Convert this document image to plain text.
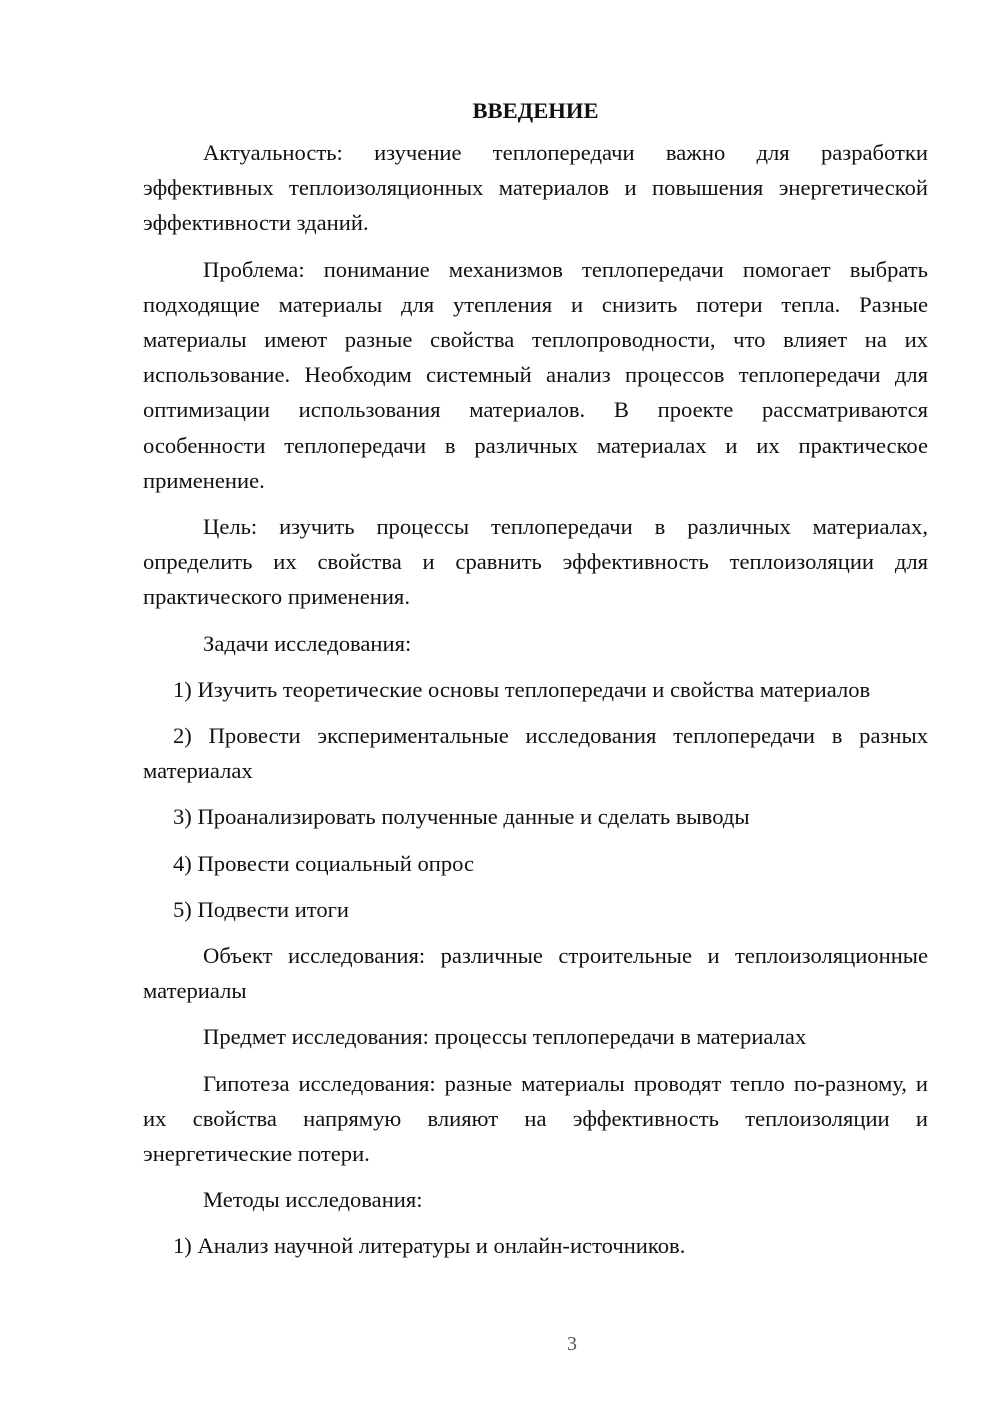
ВВЕДЕНИЕ

Актуальность: изучение теплопередачи важно для разработки эффективных теплоизоляционных материалов и повышения энергетической эффективности зданий.

Проблема: понимание механизмов теплопередачи помогает выбрать подходящие материалы для утепления и снизить потери тепла. Разные материалы имеют разные свойства теплопроводности, что влияет на их использование. Необходим системный анализ процессов теплопередачи для оптимизации использования материалов. В проекте рассматриваются особенности теплопередачи в различных материалах и их практическое применение.

Цель: изучить процессы теплопередачи в различных материалах, определить их свойства и сравнить эффективность теплоизоляции для практического применения.

Задачи исследования:

1) Изучить теоретические основы теплопередачи и свойства материалов

2) Провести экспериментальные исследования теплопередачи в разных материалах

3) Проанализировать полученные данные и сделать выводы

4) Провести социальный опрос

5) Подвести итоги

Объект исследования: различные строительные и теплоизоляционные материалы

Предмет исследования: процессы теплопередачи в материалах

Гипотеза исследования: разные материалы проводят тепло по-разному, и их свойства напрямую влияют на эффективность теплоизоляции и энергетические потери.

Методы исследования:

1) Анализ научной литературы и онлайн-источников.

3
